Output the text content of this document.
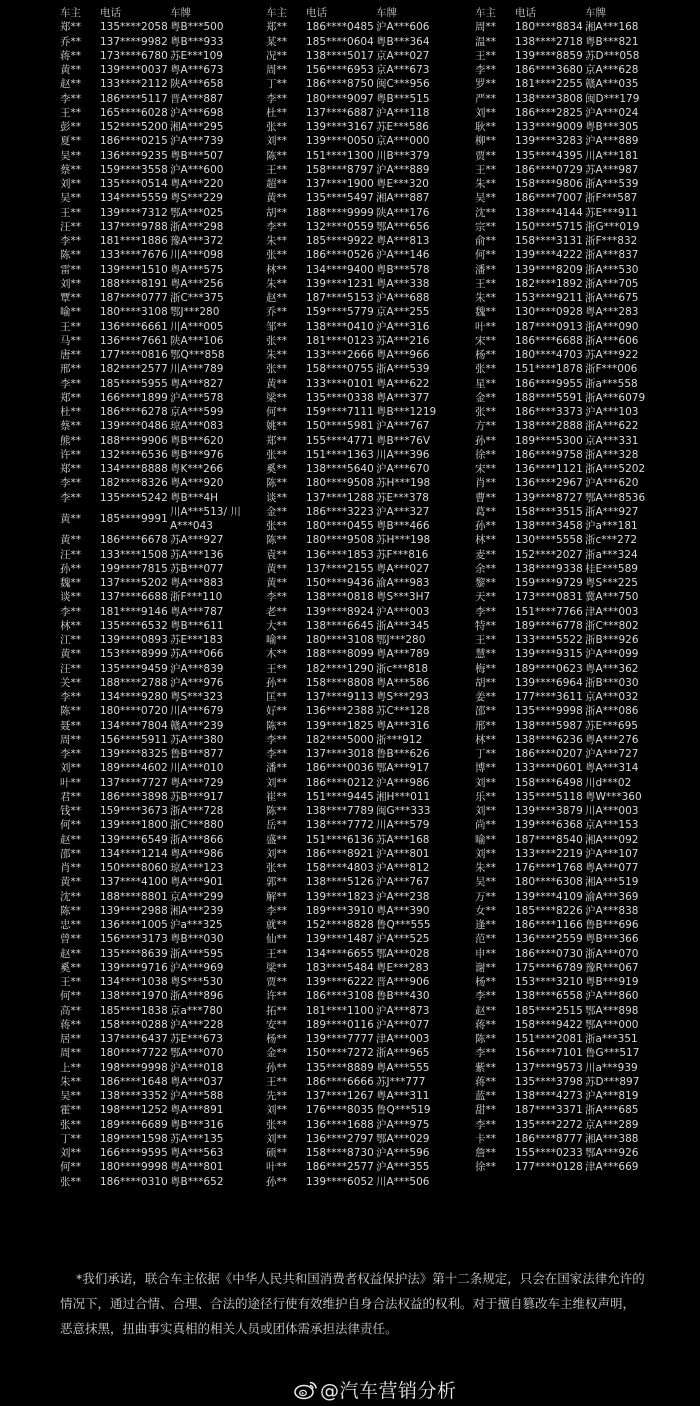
车主	电话	车牌
郑**	135****2058 粤B***500
乔**	137****9982 粤B***933
蒋**	173****6780 苏E***109
黄**	139****0037 粤A***673
赵**	133****2112 陕A***658
李**	186****5117 晋A***887
王**	165****6028 沪A***698
彭**	152****5200 湘A***295
夏**	186****0215 沪A***739
吴**	136****9235 粤B***507
蔡**	159****3558 沪A***600
刘**	135****0514 粤A***220
吴**	134****5559 粤S***229
王**	139****7312 鄂A***025
汪**	137****9788 浙A***298
李**	181****1886 豫A***372
陈**	133****7676 川A***098
雷**	139****1510 粤A***575
刘**	188****8191 粤A***256
覃**	187****0777 浙C***375
喻**	180****3108 鄂J***280
王**	136****6661 川A***005
马**	136****7661 陕A***106
唐**	177****0816 鄂Q***858
邢**	182****2577 川A***789
李**	185****5955 粤A***827
郑**	166****1899 沪A***578
杜**	186****6278 京A***599
蔡**	139****0486 琼A***083
熊**	188****9906 粤B***620
许**	132****6536 粤B***976
郑**	134****8888 粤K***266
李**	182****8326 粤A***920
李**	135****5242 粤B***4H
黄**	185****9991
川A***513/ 川A***043
黄**	186****6678 苏A***927
汪**	133****1508 苏A***136
孙**	199****7815 苏B***077
魏**	137****5202 粤A***883
谈**	137****6688 浙F***110
李**	181****9146 粤A***787
林**	135****6532 粤B***611
江**	139****0893 苏E***183
黄**	153****8999 苏A***066
汪**	135****9459 沪A***839
关**	188****2788 沪A***976
李**	134****9280 粤S***323
陈**	180****0720 川A***679
聂**	134****7804 赣A***239
周**	156****5911 苏A***380
李**	139****8325 鲁B***877
刘**	189****4602 川A***010
叶**	137****7727 粤A***729
君**	186****3898 苏B***917
钱**	159****3673 浙A***728
何**	139****1800 浙C***880
赵**	139****6549 浙A***866
邵**	134****1214 粤A***986
肖**	150****8060 琼A***123
黄**	137****4100 粤A***901
沈**	188****8801 京A***299
陈**	139****2988 湘A***239
忠**	136****1005 沪a***325
曾**	156****3173 粤B***030
赵**	135****8639 浙A***595
奚**	139****9716 沪A***969
王**	134****1038 粤S***530
何**	138****1970 浙A***896
高**	185****1838 京a***780
蒋**	158****0288 沪A***228
居**	137****6437 苏E***673
周**	180****7722 鄂A***070
上**	198****9998 沪A***018
朱**	186****1648 粤A***037
吴**	138****3352 沪A***588
霍**	198****1252 粤A***891
张**	189****6689 粤B***316
丁**	189****1598 苏A***135
刘**	166****9595 粤A***563
何**	180****9998 粤A***801
张**	186****0310 粤B***652
车主	电话	车牌
郑**	186****0485 沪A***606
某**	185****0604 粤B***364
况**	138****5017 京A***027
周**	156****6953 京A***673
丁**	186****8750 闽C***956
李**	180****9097 粤B***515
杜**	137****6887 沪A***118
张**	139****3167 苏E***586
刘**	139****0050 京A***000
陈**	151****1300 川B***379
王**	158****8797 沪A***889
超**	137****1900 粤E***320
黄**	135****5497 湘A***887
胡**	188****9999 陕A***176
李**	132****0559 鄂A***656
朱**	185****9922 粤A***813
张**	186****0526 沪A***146
林**	134****9400 粤B***578
朱**	139****1231 粤A***338
赵**	187****5153 沪A***688
乔**	159****5779 京A***255
邹**	138****0410 沪A***316
张**	181****0123 苏A***216
朱**	133****2666 粤A***966
张**	158****0755 浙A***539
黄**	133****0101 粤A***622
梁**	135****0338 粤A***377
何**	159****7111 粤B***1219
姚**	150****5981 沪A***767
郑**	155****4771 粤B***76V
张**	151****1363 川A***396
奚**	138****5640 沪A***670
陈**	180****9508 苏H***198
谈**	137****1288 苏E***378
金**	186****3223 沪A***327
张**	180****0455 粤B***466
陈**	180****9508 苏H***198
袁**	136****1853 苏F***816
黄**	137****2155 粤A***027
黄**	150****9436 渝A***983
李**	138****0818 粤S***3H7
老**	139****8924 沪A***003
大**	138****6645 浙A***345
喻**	180****3108 鄂J***280
木**	188****8099 粤A***789
王**	182****1290 浙c***818
孙**	158****8808 粤A***586
匡**	137****9113 粤S***293
好**	136****2388 苏C***128
陈**	139****1825 粤A***316
李**	182****5000 浙***912
李**	137****3018 鲁B***626
潘**	186****0036 鄂A***917
刘**	186****0212 沪A***986
崔**	151****9445 湘H***011
陈**	138****7789 闽G***333
岳**	138****7772 川A***579
盛**	151****6136 苏A***168
刘**	186****8921 沪A***801
张**	158****4803 沪A***812
郭**	138****5126 沪A***767
解**	139****1823 沪A***238
李**	189****3910 粤A***390
就**	152****8828 鲁Q***555
仙**	139****1487 沪A***525
王**	134****6655 鄂A***028
梁**	183****5484 粤E***283
贾**	139****6222 晋A***906
许**	186****3108 鲁B***430
拓**	181****1100 沪A***873
安**	189****0116 沪A***077
杨**	139****7777 津A***003
金**	150****7272 浙A***965
孙**	135****8889 粤A***555
王**	186****6666 苏J***777
先**	137****1267 粤A***311
刘**	176****8035 鲁Q***519
张**	136****1688 沪A***975
刘**	136****2797 鄂A***029
硕**	158****8730 沪A***596
叶**	186****2577 沪A***355
孙**	139****6052 川A***506
车主	电话	车牌
周**	180****8834 湘A***168
温**	138****2718 粤B***821
王**	139****8859 苏D***058
李**	186****3680 京A***628
罗**	181****2255 赣A***035
严**	138****3808 闽D***179
刘**	186****2825 沪A***024
耿**	133****9009 粤B***305
柳**	139****3283 沪A***889
贾**	135****4395 川A***181
王**	186****0729 苏A***987
朱**	158****9806 浙A***539
吴**	186****7007 浙F***587
沈**	138****4144 苏E***911
宗**	150****5715 浙G***019
俞**	158****3131 浙F***832
何**	139****4222 浙A***837
潘**	139****8209 浙A***530
王**	182****1892 浙A***705
朱**	153****9211 浙A***675
魏**	130****0928 粤A***283
叶**	187****0913 浙A***090
宋**	186****6688 浙A***606
杨**	180****4703 苏A***922
张**	151****1878 浙F***006
星**	186****9955 浙a***558
金**	188****5591 浙A***6079
张**	186****3373 沪A***103
方**	138****2888 浙A***622
孙**	189****5300 京A***331
徐**	186****9758 浙A***328
宋**	136****1121 浙A***5202
肖**	136****2967 沪A***620
曹**	139****8727 鄂A***8536
葛**	158****3515 浙A***927
孙**	138****3458 沪a***181
林**	130****5558 浙c***272
麦**	152****2027 浙a***324
余**	138****9338 桂E***589
黎**	159****9729 粤S***225
天**	173****0831 冀A***750
李**	151****7766 津A***003
特**	189****6778 浙C***802
王**	133****5522 浙B***926
慧**	139****9315 沪A***099
梅**	189****0623 粤A***362
胡**	139****6964 浙B***030
姜**	177****3611 京A***032
邵**	135****9998 浙A***086
邢**	138****5987 苏E***695
林**	138****6236 粤A***276
丁**	186****0207 沪A***727
博**	133****0601 粤A***314
刘**	158****6498 川d***02
乐**	135****5118 粤W***360
刘**	139****3879 川A***003
尚**	139****6368 京A***153
喻**	187****8540 湘A***092
刘**	133****2219 沪A***107
朱**	176****1768 粤A***077
吴**	180****6308 湘A***519
万**	139****4109 渝A***369
女**	185****8226 沪A***838
逢**	186****1166 鲁B***696
范**	136****2559 粤B***366
申**	186****0730 浙A***070
谢**	175****6789 豫R***067
杨**	153****3210 粤B***919
李**	138****6558 沪A***860
赵**	185****2515 鄂A***898
蒋**	158****9422 鄂A***000
陈**	151****2081 浙a***351
李**	156****7101 鲁G***517
紫**	137****9573 川a***939
蒋**	135****3798 苏D***897
蓝**	138****4273 沪A***819
甜**	187****3371 浙A***685
李**	135****2272 京A***289
卡**	186****8777 湘A***388
詹**	155****0233 鄂A***926
徐**	177****0128 津A***669
*我们承诺，联合车主依据《中华人民共和国消费者权益保护法》第十二条规定，只会在国家法律允许的情况下，通过合情、合理、合法的途径行使有效维护自身合法权益的权利。对于擅自篡改车主维权声明，恶意抹黑，扭曲事实真相的相关人员或团体需承担法律责任。
@汽车营销分析
